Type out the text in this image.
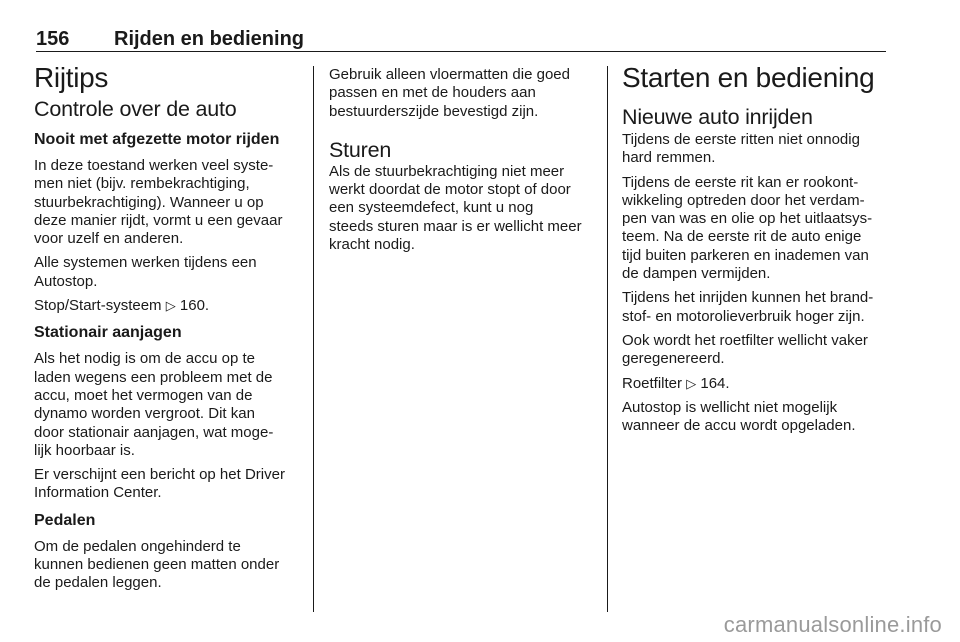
156 Rijden en bediening
Rijtips
Controle over de auto
Nooit met afgezette motor rijden

In deze toestand werken veel syste‐
men niet (bijv. rembekrachtiging,
stuurbekrachtiging). Wanneer u op
deze manier rijdt, vormt u een gevaar
voor uzelf en anderen.

Alle systemen werken tijdens een
Autostop.

Stop/Start-systeem ▷ 160.

Stationair aanjagen

Als het nodig is om de accu op te
laden wegens een probleem met de
accu, moet het vermogen van de
dynamo worden vergroot. Dit kan
door stationair aanjagen, wat moge‐
lijk hoorbaar is.

Er verschijnt een bericht op het Driver
Information Center.

Pedalen

Om de pedalen ongehinderd te
kunnen bedienen geen matten onder
de pedalen leggen.

Gebruik alleen vloermatten die goed
passen en met de houders aan
bestuurderszijde bevestigd zijn.

Sturen

Als de stuurbekrachtiging niet meer
werkt doordat de motor stopt of door
een systeemdefect, kunt u nog
steeds sturen maar is er wellicht meer
kracht nodig.

Starten en bediening
Nieuwe auto inrijden

Tijdens de eerste ritten niet onnodig
hard remmen.

Tijdens de eerste rit kan er rookont‐
wikkeling optreden door het verdam‐
pen van was en olie op het uitlaatsys‐
teem. Na de eerste rit de auto enige
tijd buiten parkeren en inademen van
de dampen vermijden.

Tijdens het inrijden kunnen het brand‐
stof- en motorolieverbruik hoger zijn.

Ook wordt het roetfilter wellicht vaker
geregenereerd.

Roetfilter ▷ 164.

Autostop is wellicht niet mogelijk
wanneer de accu wordt opgeladen.

carmanualsonline.info
